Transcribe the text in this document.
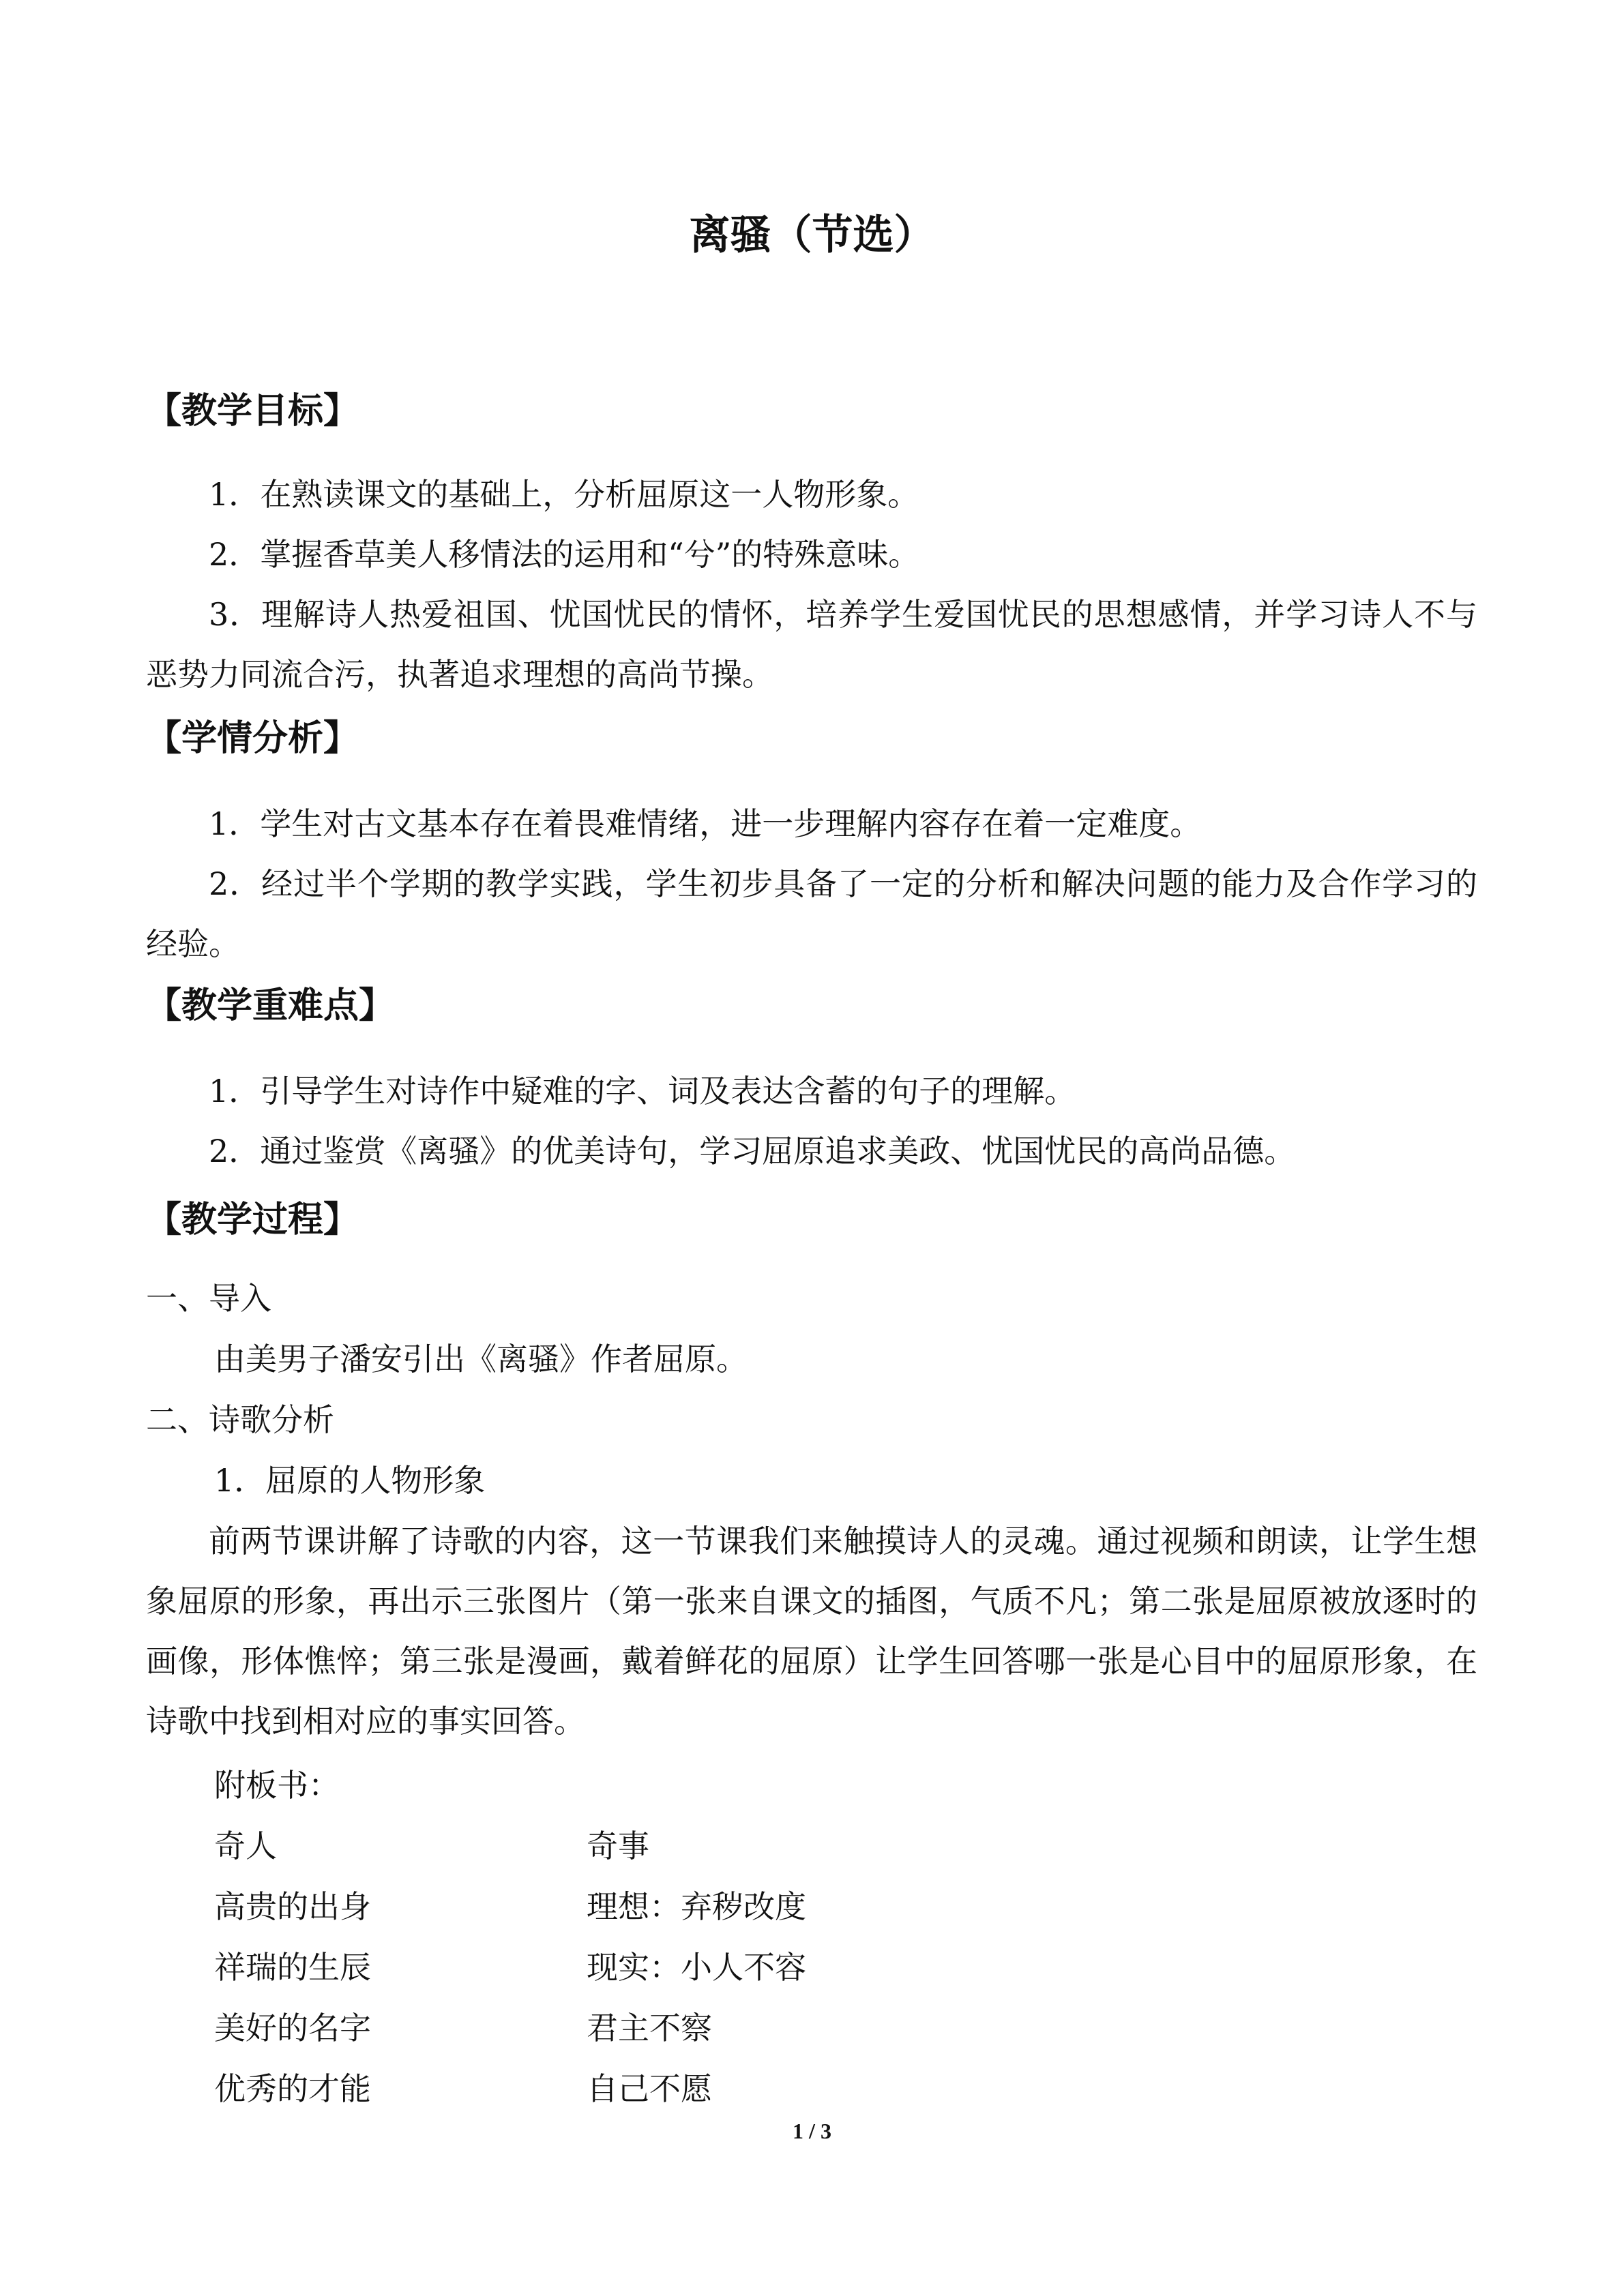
离骚（节选）
【教学目标】
1．在熟读课文的基础上，分析屈原这一人物形象。
2．掌握香草美人移情法的运用和“兮”的特殊意味。
3．理解诗人热爱祖国、忧国忧民的情怀，培养学生爱国忧民的思想感情，并学习诗人不与恶势力同流合污，执著追求理想的高尚节操。
【学情分析】
1．学生对古文基本存在着畏难情绪，进一步理解内容存在着一定难度。
2．经过半个学期的教学实践，学生初步具备了一定的分析和解决问题的能力及合作学习的经验。
【教学重难点】
1．引导学生对诗作中疑难的字、词及表达含蓄的句子的理解。
2．通过鉴赏《离骚》的优美诗句，学习屈原追求美政、忧国忧民的高尚品德。
【教学过程】
一、导入
由美男子潘安引出《离骚》作者屈原。
二、诗歌分析
1．屈原的人物形象
前两节课讲解了诗歌的内容，这一节课我们来触摸诗人的灵魂。通过视频和朗读，让学生想象屈原的形象，再出示三张图片（第一张来自课文的插图，气质不凡；第二张是屈原被放逐时的画像，形体憔悴；第三张是漫画，戴着鲜花的屈原）让学生回答哪一张是心目中的屈原形象，在诗歌中找到相对应的事实回答。
附板书：
奇人	奇事
高贵的出身	理想：弃秽改度
祥瑞的生辰	现实：小人不容
美好的名字	君主不察
优秀的才能	自己不愿
1 / 3
